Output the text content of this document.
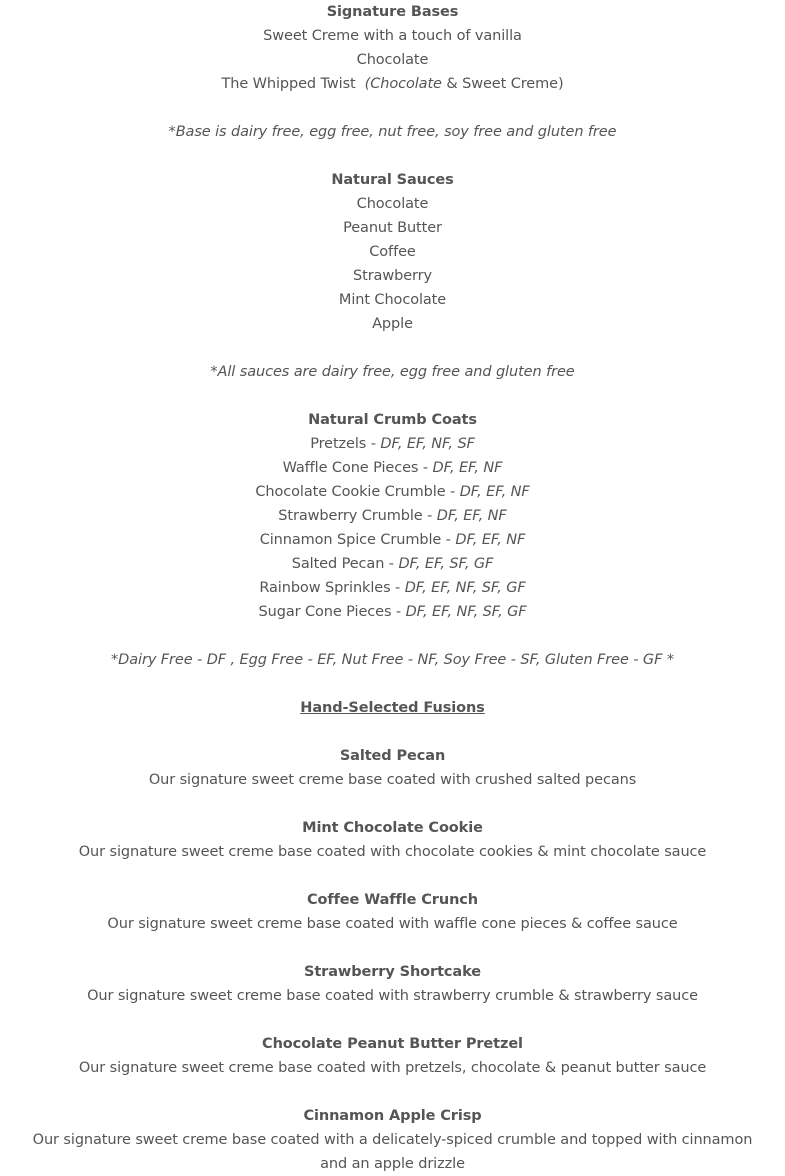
Signature Bases
Sweet Creme with a touch of vanilla
Chocolate
The Whipped Twist (Chocolate & Sweet Creme)
*Base is dairy free, egg free, nut free, soy free and gluten free
Natural Sauces
Chocolate
Peanut Butter
Coffee
Strawberry
Mint Chocolate
Apple
*All sauces are dairy free, egg free and gluten free
Natural Crumb Coats
Pretzels - DF, EF, NF, SF
Waffle Cone Pieces - DF, EF, NF
Chocolate Cookie Crumble - DF, EF, NF
Strawberry Crumble - DF, EF, NF
Cinnamon Spice Crumble - DF, EF, NF
Salted Pecan - DF, EF, SF, GF
Rainbow Sprinkles - DF, EF, NF, SF, GF
Sugar Cone Pieces - DF, EF, NF, SF, GF
*Dairy Free - DF , Egg Free - EF, Nut Free - NF, Soy Free - SF, Gluten Free - GF *
Hand-Selected Fusions
Salted Pecan
Our signature sweet creme base coated with crushed salted pecans
Mint Chocolate Cookie
Our signature sweet creme base coated with chocolate cookies & mint chocolate sauce
Coffee Waffle Crunch
Our signature sweet creme base coated with waffle cone pieces & coffee sauce
Strawberry Shortcake
Our signature sweet creme base coated with strawberry crumble & strawberry sauce
Chocolate Peanut Butter Pretzel
Our signature sweet creme base coated with pretzels, chocolate & peanut butter sauce
Cinnamon Apple Crisp
Our signature sweet creme base coated with a delicately-spiced crumble and topped with cinnamon and an apple drizzle
